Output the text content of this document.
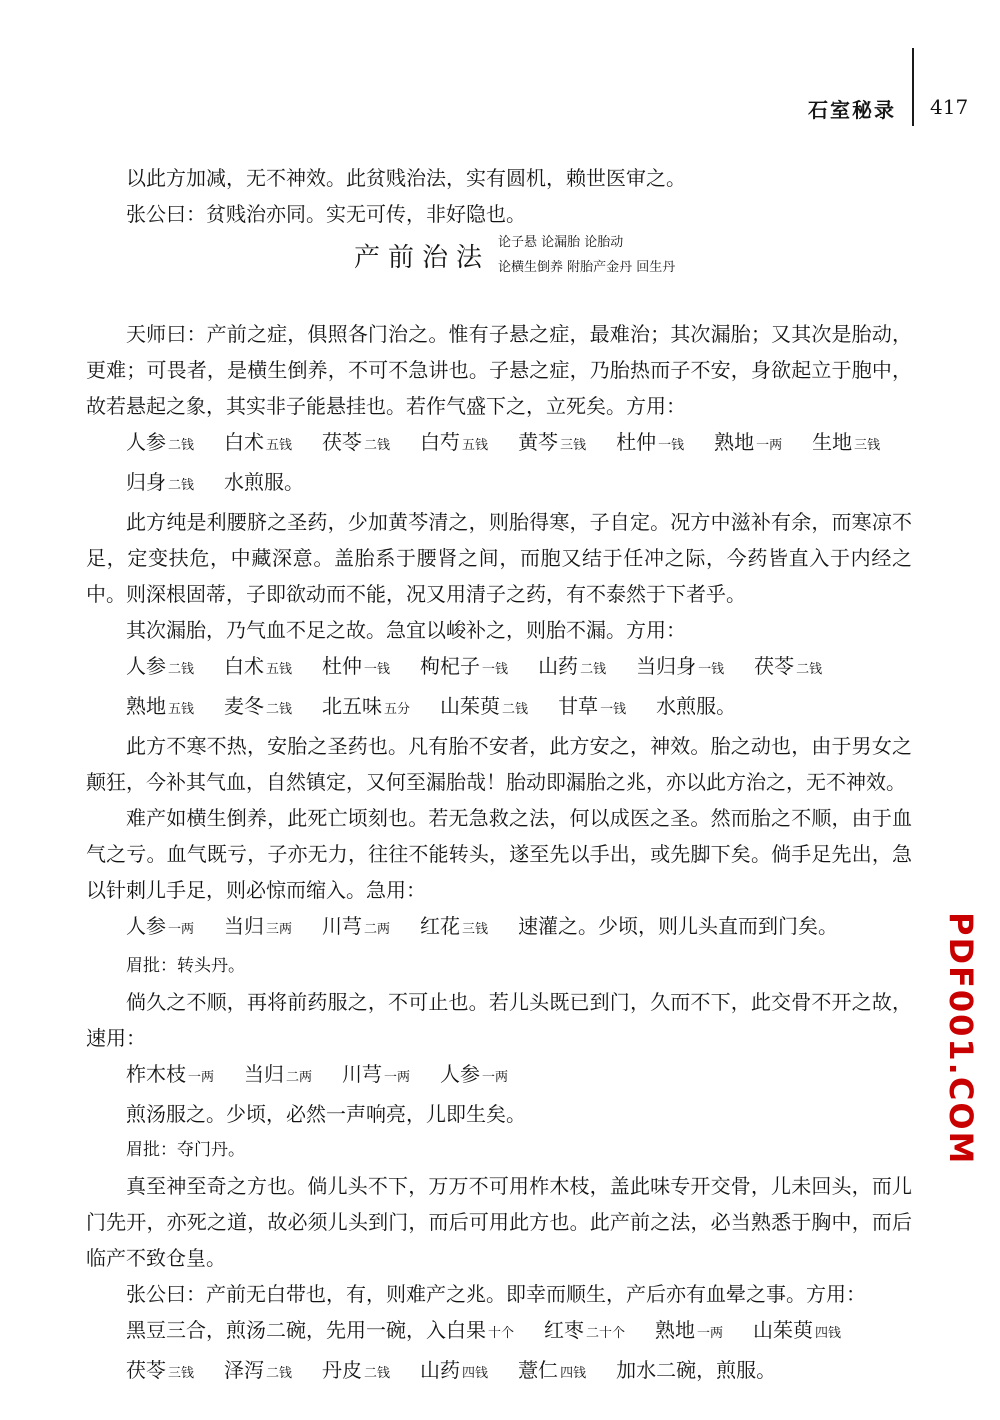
石室秘录 417

以此方加减，无不神效。此贫贱治法，实有圆机，赖世医审之。

张公曰：贫贱治亦同。实无可传，非好隐也。

产前治法
论子悬 论漏胎 论胎动
论横生倒养 附胎产金丹 回生丹

天师曰：产前之症，俱照各门治之。惟有子悬之症，最难治；其次漏胎；又其次是胎动，更难；可畏者，是横生倒养，不可不急讲也。子悬之症，乃胎热而子不安，身欲起立于胞中，故若悬起之象，其实非子能悬挂也。若作气盛下之，立死矣。方用：

人参 二钱 白术 五钱 茯苓 二钱 白芍 五钱 黄芩 三钱 杜仲 一钱 熟地 一两 生地 三钱
归身 二钱 水煎服。

此方纯是利腰脐之圣药，少加黄芩清之，则胎得寒，子自定。况方中滋补有余，而寒凉不足，定变扶危，中藏深意。盖胎系于腰肾之间，而胞又结于任冲之际，今药皆直入于内经之中。则深根固蒂，子即欲动而不能，况又用清子之药，有不泰然于下者乎。

其次漏胎，乃气血不足之故。急宜以峻补之，则胎不漏。方用：

人参 二钱 白术 五钱 杜仲 一钱 枸杞子 一钱 山药 二钱 当归身 一钱 茯苓 二钱
熟地 五钱 麦冬 二钱 北五味 五分 山茱萸 二钱 甘草 一钱 水煎服。

此方不寒不热，安胎之圣药也。凡有胎不安者，此方安之，神效。胎之动也，由于男女之颠狂，今补其气血，自然镇定，又何至漏胎哉！胎动即漏胎之兆，亦以此方治之，无不神效。

难产如横生倒养，此死亡顷刻也。若无急救之法，何以成医之圣。然而胎之不顺，由于血气之亏。血气既亏，子亦无力，往往不能转头，遂至先以手出，或先脚下矣。倘手足先出，急以针刺儿手足，则必惊而缩入。急用：

人参 一两 当归 三两 川芎 二两 红花 三钱 速灌之。少顷，则儿头直而到门矣。

眉批：转头丹。

倘久之不顺，再将前药服之，不可止也。若儿头既已到门，久而不下，此交骨不开之故，速用：

柞木枝 一两 当归 二两 川芎 一两 人参 一两
煎汤服之。少顷，必然一声响亮，儿即生矣。

眉批：夺门丹。

真至神至奇之方也。倘儿头不下，万万不可用柞木枝，盖此味专开交骨，儿未回头，而儿门先开，亦死之道，故必须儿头到门，而后可用此方也。此产前之法，必当熟悉于胸中，而后临产不致仓皇。

张公曰：产前无白带也，有，则难产之兆。即幸而顺生，产后亦有血晕之事。方用：

黑豆三合，煎汤二碗，先用一碗，入白果 十个 红枣 二十个 熟地 一两 山茱萸 四钱
茯苓 三钱 泽泻 二钱 丹皮 二钱 山药 四钱 薏仁 四钱 加水二碗，煎服。
PDF001.COM
